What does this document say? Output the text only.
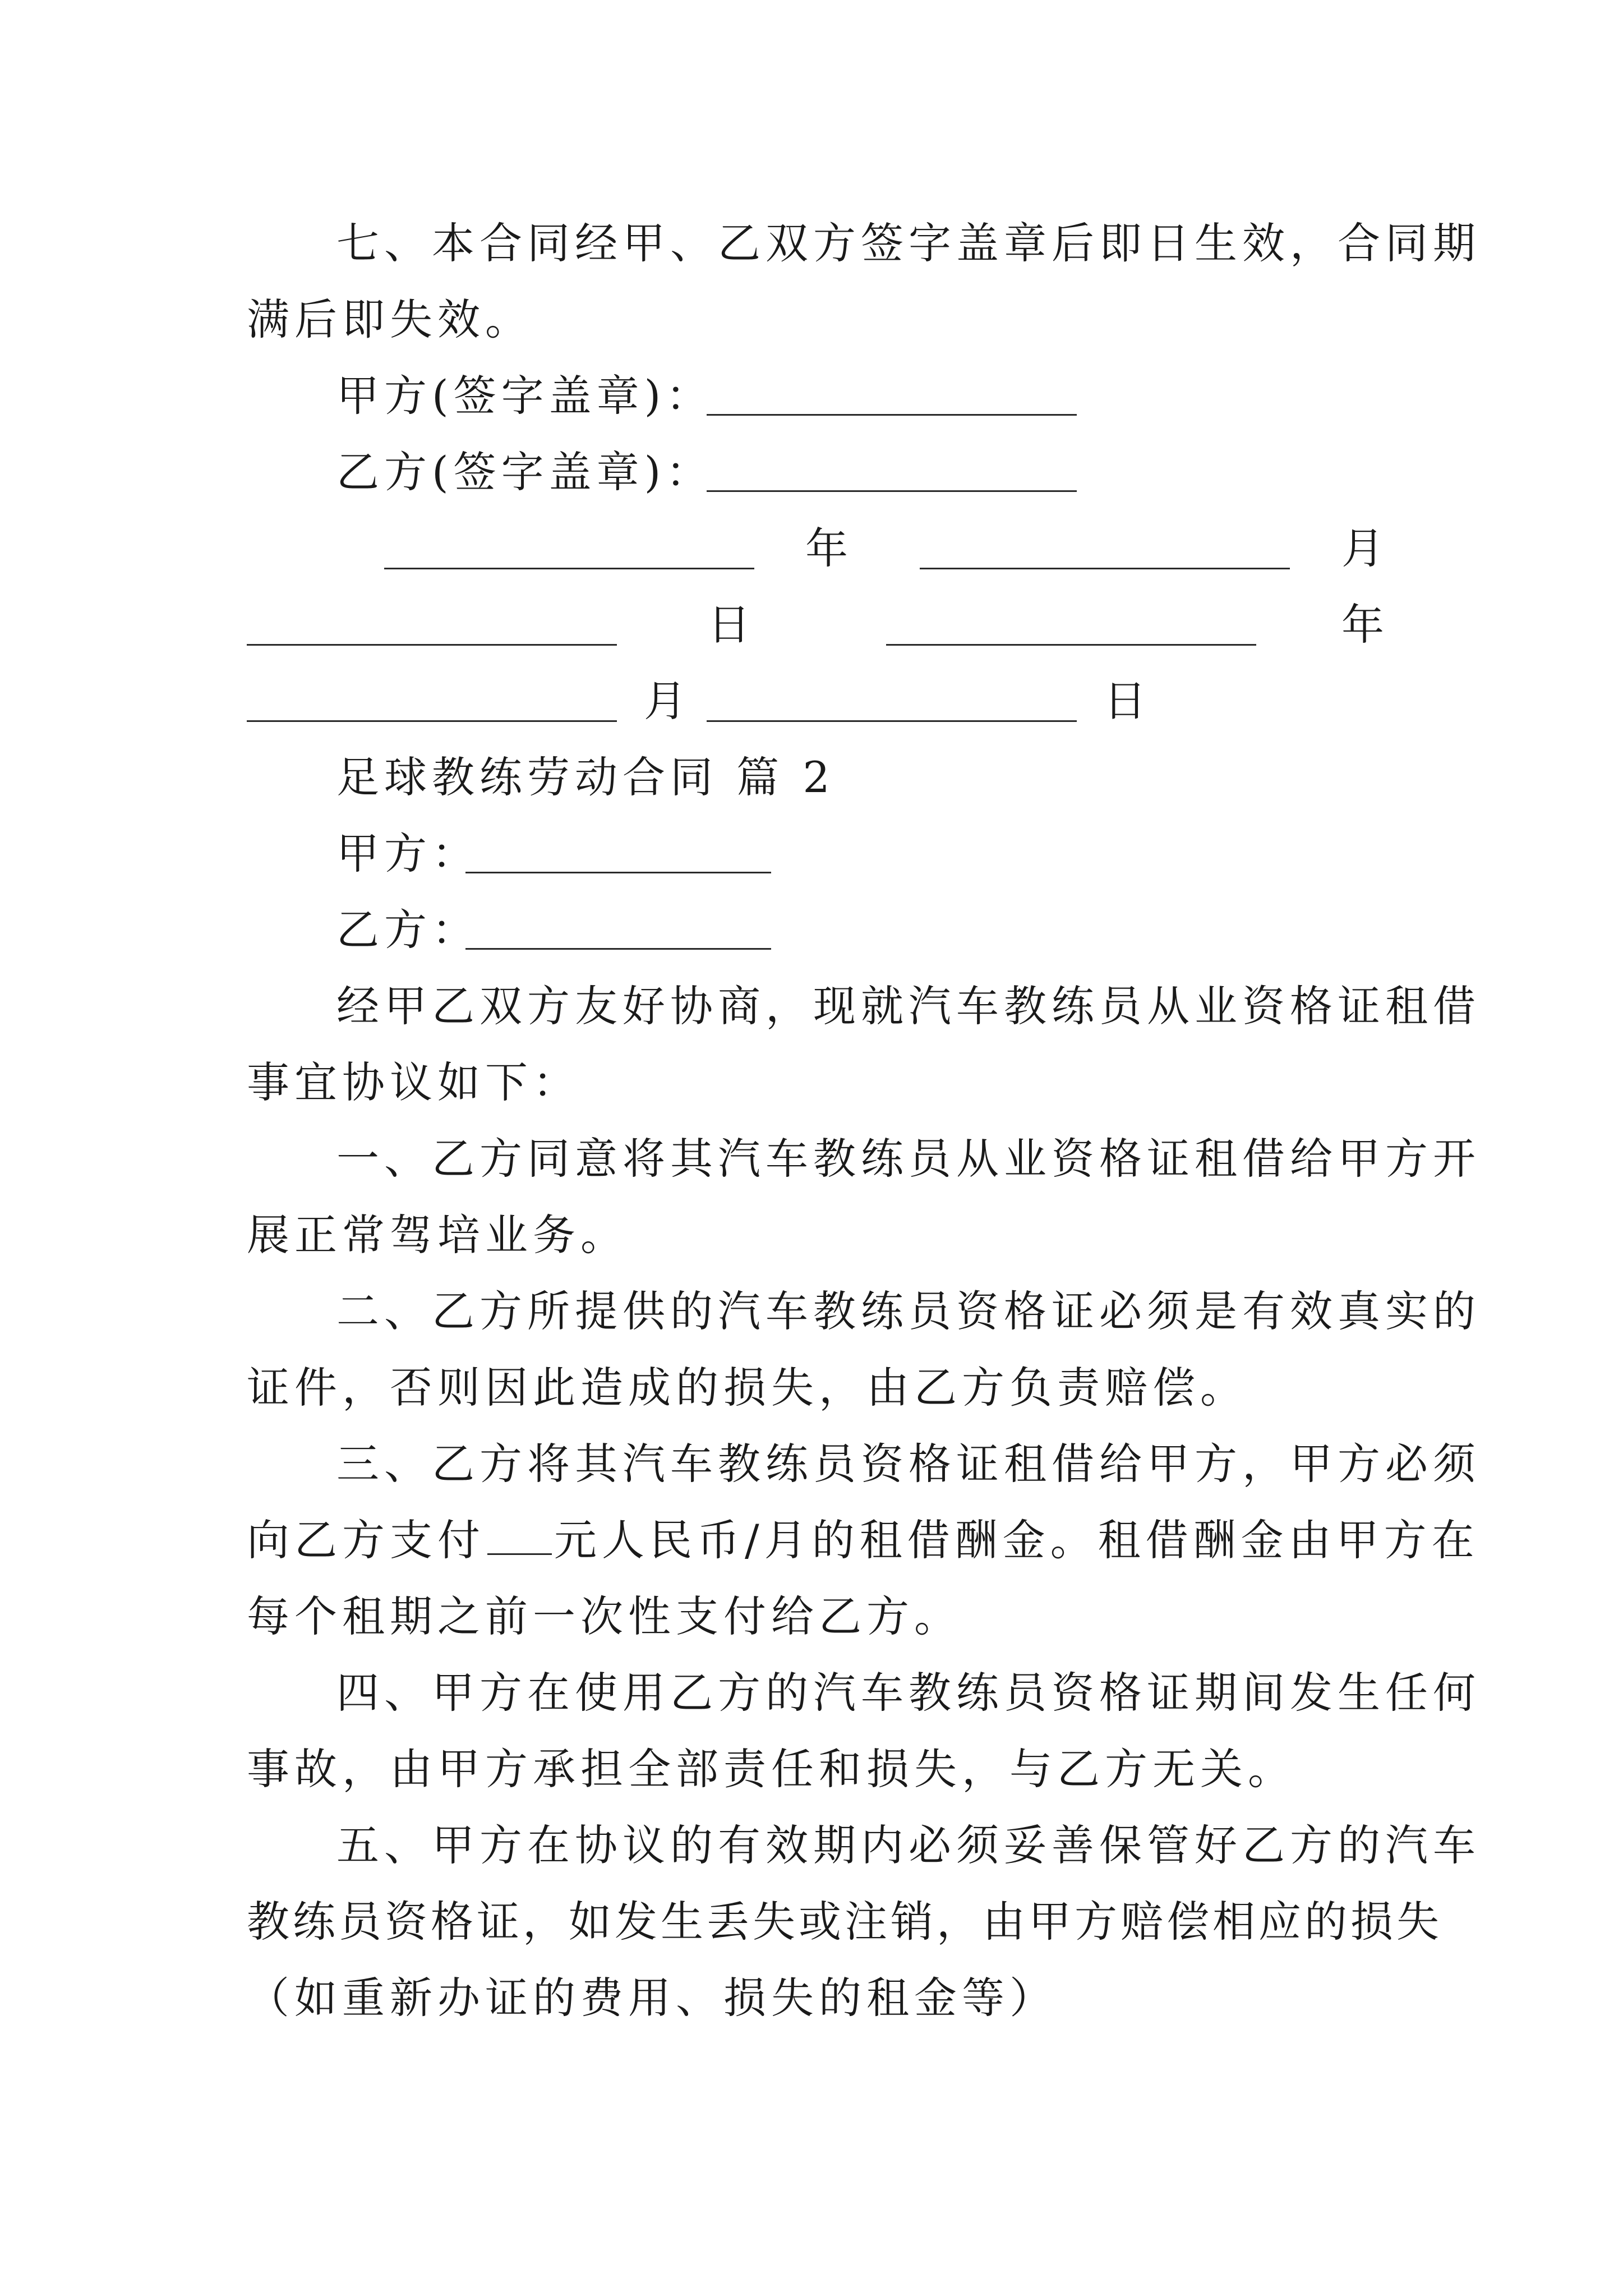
七、本合同经甲、乙双方签字盖章后即日生效，合同期
满后即失效。
甲方(签字盖章)：
乙方(签字盖章)：
年	月
日	年
月	日
足球教练劳动合同 篇 2
甲方：
乙方：
经甲乙双方友好协商，现就汽车教练员从业资格证租借
事宜协议如下：
一、乙方同意将其汽车教练员从业资格证租借给甲方开
展正常驾培业务。
二、乙方所提供的汽车教练员资格证必须是有效真实的
证件，否则因此造成的损失，由乙方负责赔偿。
三、乙方将其汽车教练员资格证租借给甲方，甲方必须
向乙方支付 元人民币/月的租借酬金。租借酬金由甲方在
每个租期之前一次性支付给乙方。
四、甲方在使用乙方的汽车教练员资格证期间发生任何
事故，由甲方承担全部责任和损失，与乙方无关。
五、甲方在协议的有效期内必须妥善保管好乙方的汽车
教练员资格证，如发生丢失或注销，由甲方赔偿相应的损失
（如重新办证的费用、损失的租金等）
